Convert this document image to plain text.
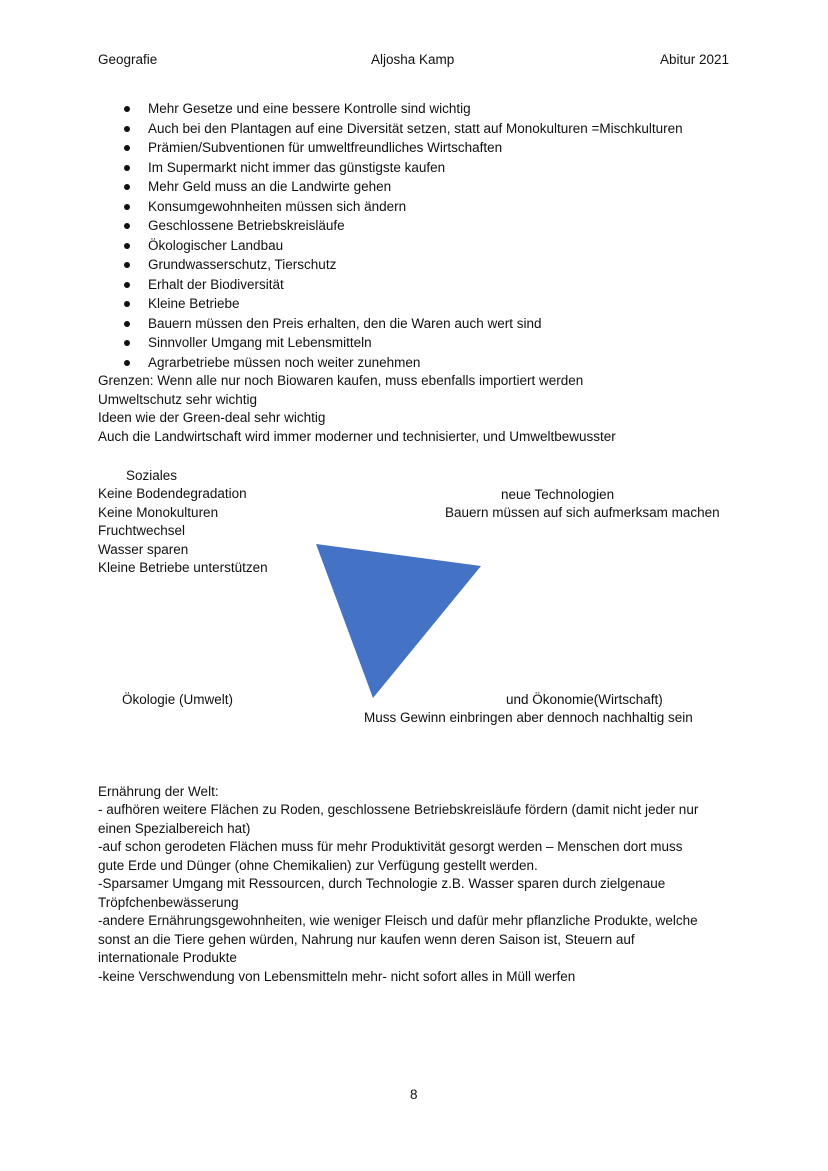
Geografie	Aljosha Kamp	Abitur 2021
Mehr Gesetze und eine bessere Kontrolle sind wichtig
Auch bei den Plantagen auf eine Diversität setzen, statt auf Monokulturen =Mischkulturen
Prämien/Subventionen für umweltfreundliches Wirtschaften
Im Supermarkt nicht immer das günstigste kaufen
Mehr Geld muss an die Landwirte gehen
Konsumgewohnheiten müssen sich ändern
Geschlossene Betriebskreisläufe
Ökologischer Landbau
Grundwasserschutz, Tierschutz
Erhalt der Biodiversität
Kleine Betriebe
Bauern müssen den Preis erhalten, den die Waren auch wert sind
Sinnvoller Umgang mit Lebensmitteln
Agrarbetriebe müssen noch weiter zunehmen
Grenzen: Wenn alle nur noch Biowaren kaufen, muss ebenfalls importiert werden
Umweltschutz sehr wichtig
Ideen wie der Green-deal sehr wichtig
Auch die Landwirtschaft wird immer moderner und technisierter, und Umweltbewusster
Soziales
Keine Bodendegradation
Keine Monokulturen
Fruchtwechsel
Wasser sparen
Kleine Betriebe unterstützen
neue Technologien
Bauern müssen auf sich aufmerksam machen
Ökologie (Umwelt)	und Ökonomie(Wirtschaft)
Muss Gewinn einbringen aber dennoch nachhaltig sein
Ernährung der Welt:
- aufhören weitere Flächen zu Roden, geschlossene Betriebskreisläufe fördern (damit nicht jeder nur
einen Spezialbereich hat)
-auf schon gerodeten Flächen muss für mehr Produktivität gesorgt werden – Menschen dort muss
gute Erde und Dünger (ohne Chemikalien) zur Verfügung gestellt werden.
-Sparsamer Umgang mit Ressourcen, durch Technologie z.B. Wasser sparen durch zielgenaue
Tröpfchenbewässerung
-andere Ernährungsgewohnheiten, wie weniger Fleisch und dafür mehr pflanzliche Produkte, welche
sonst an die Tiere gehen würden, Nahrung nur kaufen wenn deren Saison ist, Steuern auf
internationale Produkte
-keine Verschwendung von Lebensmitteln mehr- nicht sofort alles in Müll werfen
8
